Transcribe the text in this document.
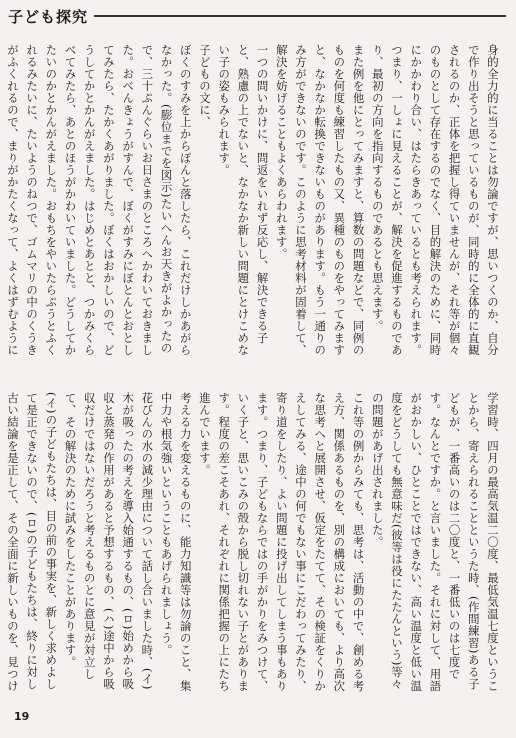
子ども探究

身的全力的に当ることは勿論ですが、思いつくのか、自分で作り出そうと思っているものが、同時的に全体的に直観されるのか、正体を把握し得ていませんが、それ等が個々のものとして存在するのでなく、目的解決のために、同時にかかわり合い、はたらきあっているとも考えられます。つまり、一しょに見えることが、解決を促進するものであり、最初の方向を指向するものであるとも思えます。

また例を他にとってみますと、算数の問題などで、同例のものを何度も練習したもの又、異種のものをやってみますと、なかなか転換できないものがあります。もう一通りのみ方ができないのです。このように思考材料が固着して、解決を妨げることもよくあらわれます。

一つの問いかけに、問返をいれず反応し、解決できる子と、熟慮の上でないと、なかなか新しい問題にとけこめない子の姿もみられます。

子どもの文に、

ぼくのすみを上からぽんと落したら、これだけしかあがらなかった。(膨位までを図示)たいへんお天きがよかったので、三十ぷんぐらいお日さまのところへかわいておきました。おべんきょうがすんで、ぼくがすみにぼとんとおとしてみたら、たかくあがりました。ぼくはおかしいので、どうしてかとかんがえました。はじめとあとと、つかみくらべてみたら、あとのほうがかわいていました。どうしてかたいのかとかんがえました。おもちをやいたらぷうとふくれるみたいに、たいようのねつで、ゴムマリの中のくうきがふくれるので、まりがかたくなって、よくはずむように

学習時、四月の最高気温二〇度、最低気温七度ということから、寄えられることというた時、(作間練習)ある子どもが、一番高いのは二〇度と、一番低いのは七度です。なんとですか。と言いました。それに対して、用語がおかしい、ひとことではできない、高い温度と低い温度をどうしても無意味だ(彼等は役にたたんという)等々の問題があげ出されました。

これ等の例からみても、思考は、活動の中で、創める考え方、関係あるものを、別の構成においても、より高次な思考へと展開させ、仮定をたてて、その検証をくりかえしてみる、途中の何でもない事にこだわってみたり、寄り道をしたり、よい問題に投げ出してしまう事もあります。つまり、子どもならではの手がかりをみつけて、いく子と、思いこみの殻から脱し切れない子とがあります。程度の差こそあれ、それぞれに関係把握の上にたち進んでいます。

考える力を変えるものに、能力知識等は勿論のこと、集中力や根気強いということもあげられましょう。

花びんの水の減少理由について話し合いました時、(イ)木が吸ったの考えを導入始通するもの、(ロ)始めから吸収と蒸発の作用があると予想するもの、(ハ)途中から吸収だけではないだろうと考えるものとに意見が対立して、その解決のために試みをしたことがあります。

(イ)の子どもたちは、目の前の事実を、新しく求めよして是正できないので、(ロ)の子どもたちは、終りに対し古い結論を是正して、その全面に新しいものを、見つけ

19
